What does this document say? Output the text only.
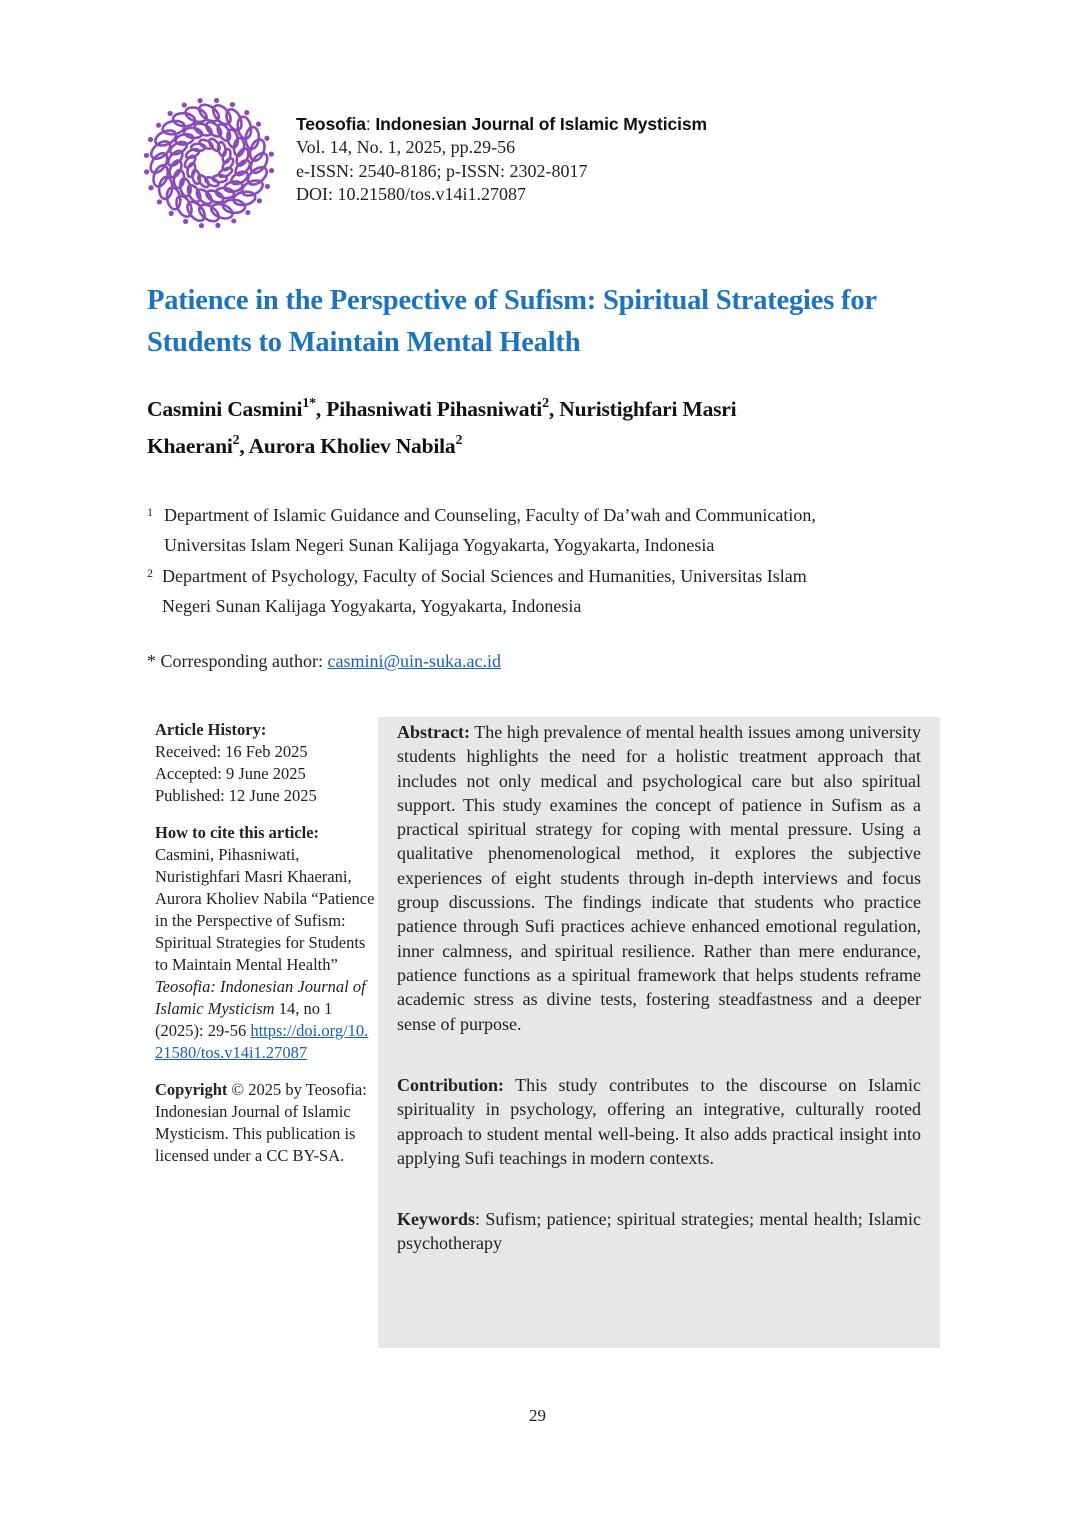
Teosofia: Indonesian Journal of Islamic Mysticism
Vol. 14, No. 1, 2025, pp.29-56
e-ISSN: 2540-8186; p-ISSN: 2302-8017
DOI: 10.21580/tos.v14i1.27087
Patience in the Perspective of Sufism: Spiritual Strategies for
Students to Maintain Mental Health
Casmini Casmini$^{1*}$, Pihasniwati Pihasniwati$^2$, Nuristighfari Masri
Khaerani$^2$, Aurora Kholiev Nabila$^2$
1 Department of Islamic Guidance and Counseling, Faculty of Da’wah and Communication,
Universitas Islam Negeri Sunan Kalijaga Yogyakarta, Yogyakarta, Indonesia
2 Department of Psychology, Faculty of Social Sciences and Humanities, Universitas Islam
Negeri Sunan Kalijaga Yogyakarta, Yogyakarta, Indonesia
* Corresponding author: casmini@uin-suka.ac.id
Article History:
Received: 16 Feb 2025
Accepted: 9 June 2025
Published: 12 June 2025
How to cite this article:
Casmini, Pihasniwati, Nuristighfari Masri Khaerani, Aurora Kholiev Nabila “Patience in the Perspective of Sufism: Spiritual Strategies for Students to Maintain Mental Health” Teosofia: Indonesian Journal of Islamic Mysticism 14, no 1 (2025): 29-56 https://doi.org/10.21580/tos.v14i1.27087
Copyright © 2025 by Teosofia: Indonesian Journal of Islamic Mysticism. This publication is licensed under a CC BY-SA.
Abstract: The high prevalence of mental health issues among university students highlights the need for a holistic treatment approach that includes not only medical and psychological care but also spiritual support. This study examines the concept of patience in Sufism as a practical spiritual strategy for coping with mental pressure. Using a qualitative phenomenological method, it explores the subjective experiences of eight students through in-depth interviews and focus group discussions. The findings indicate that students who practice patience through Sufi practices achieve enhanced emotional regulation, inner calmness, and spiritual resilience. Rather than mere endurance, patience functions as a spiritual framework that helps students reframe academic stress as divine tests, fostering steadfastness and a deeper sense of purpose.
Contribution: This study contributes to the discourse on Islamic spirituality in psychology, offering an integrative, culturally rooted approach to student mental well-being. It also adds practical insight into applying Sufi teachings in modern contexts.
Keywords: Sufism; patience; spiritual strategies; mental health; Islamic psychotherapy
29
